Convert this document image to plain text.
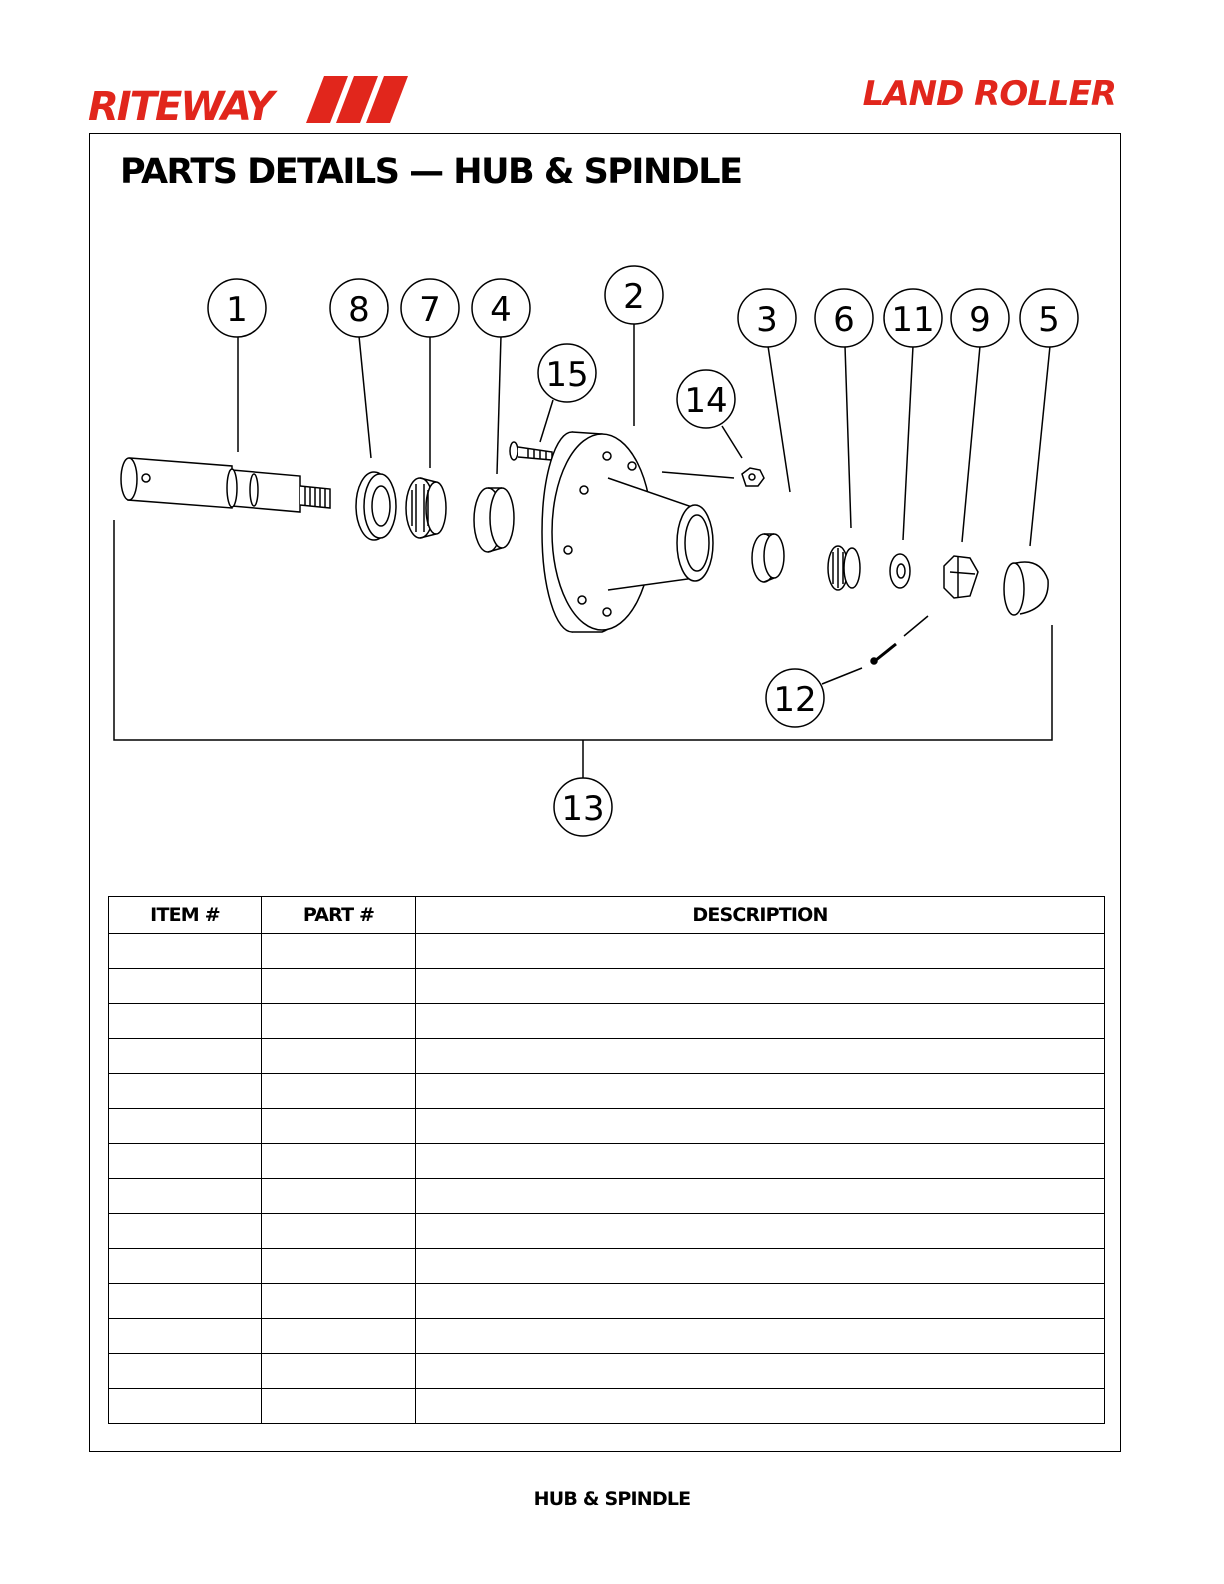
RITEWAY	LAND ROLLER
PARTS DETAILS — HUB & SPINDLE
1	8 7 4	2
15
14
3 6 11 9 5
12
13
ITEM #	PART #	DESCRIPTION

HUB & SPINDLE
